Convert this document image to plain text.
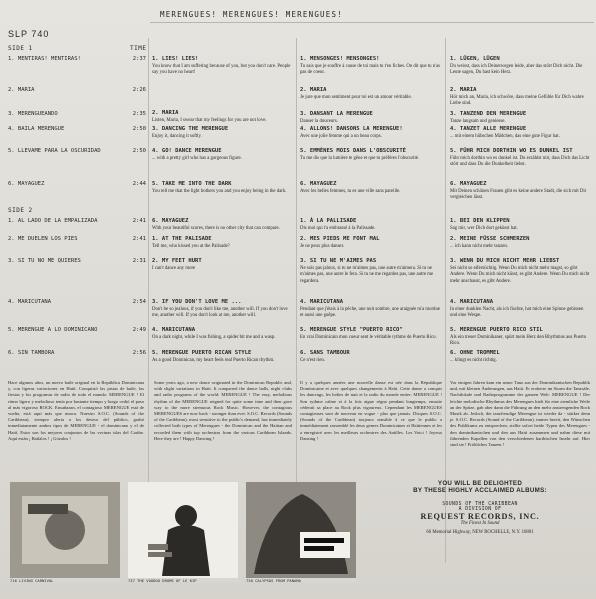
MERENGUES! MERENGUES! MERENGUES!
SLP 740
SIDE 1	TIME
SIDE 2
1. MENTIRAS! MENTIRAS!	2:37
2. MARIA	2:26
3. MERENGUEANDO	2:35
4. BAILA MERENGUE	2:50
5. LLEVAME PARA LA OSCURIDAD	2:50
6. MAYAGUEZ	2:44
1. AL LADO DE LA EMPALIZADA	2:41
2. ME DUELEN LOS PIES	2:41
3. SI TU NO ME QUIERES	2:31
4. MARICUTANA	2:54
5. MERENGUE A LO DOMINICANO	2:49
6. SIN TAMBORA	2:56
1. LIES! LIES!
You know that I am suffering because of you, but you don't care. People say you have no heart!
2. MARIA
Listen, Maria, I swear that my feelings for you are not love.
3. DANCING THE MERENGUE
Enjoy it, dancing it softly.
4. GO! DANCE MERENGUE
... with a pretty girl who has a gorgeous figure.
5. TAKE ME INTO THE DARK
You tell me that the light bothers you and you enjoy being in the dark.
6. MAYAGUEZ
With your beautiful scores, there is no other city that can compare.
1. AT THE PALISADE
Tell me, who kissed you at the Palisade?
2. MY FEET HURT
I can't dance any more
3. IF YOU DON'T LOVE ME ...
Don't be so jealous, if you don't like me, another will. If you don't love me, another will. If you don't look at me, another will.
4. MARICUTANA
On a dark night, while I was fishing, a spider bit me and a wasp.
5. MERENGUE PUERTO RICAN STYLE
As a good Dominican, my heart feels real Puerto Rican rhythm.
1. MENSONGES! MENSONGES!
Tu sais que je souffre à cause de toi mais tu t'en fiches. On dit que tu n'as pas de coeur.
2. MARIA
Je jure que mon sentiment pour toi est un amour véritable.
3. DANSANT LA MERENGUE
Danser la douceurs.
4. ALLONS! DANSONS LA MERENGUE!
Avec une jolie femme qui a un beau corps.
5. EMMÈNES MOIS DANS L'OBSCURITÉ
Tu me dis que la lumière te gêne et que tu préfères l'obscurité.
6. MAYAGUEZ
Avec les belles femmes, tu es une ville sans pareille.
1. À LA PALLISADE
Dis moi qui t'a embrassé à la Palissade.
2. MES PIEDS ME FONT MAL
Je ne peux plus danser.
3. SI TU NE M'AIMES PAS
Ne sois pas jaloux, si tu ne m'aimes pas, une autre m'aimera. Si tu ne m'aimes pas, une autre le fera. Si tu ne me regardes pas, une autre me regardera.
4. MARICUTANA
Pendant que j'étais à la pêche, une nuit sombre, une araignée m'a mordue et aussi une guêpe.
5. MERENGUE STYLE "PUERTO RICO"
En vrai Dominicain mon coeur sent le véritable rythme de Puerto Rico.
6. SANS TAMBOUR
Ce n'est rien.
1. LÜGEN, LÜGEN
Du weisst, dass ich Deinetwegen leide, aber das stört Dich nicht. Die Leute sagen, Du hast kein Herz.
2. MARIA
Hör mich an, Maria, ich schwöre, dass meine Gefühle für Dich wahre Liebe sind.
3. TANZEND DEN MERENGUE
Tanze langsam und geniesse.
4. TANZET ALLE MERENGUE
... mit einem hübschen Mädchen, das eine gute Figur hat.
5. FÜHR MICH DORTHIN WO ES DUNKEL IST
Führ mich dorthin wo es dunkel ist. Du erzählst mir, dass Dich das Licht stört und dass Du die Dunkelheit liebst.
6. MAYAGUEZ
Mit Deinen schönen Frauen gibt es keine andere Stadt, die sich mit Dir vergleichen lässt.
1. BEI DEN KLIPPEN
Sag mir, wer Dich dort geküsst hat.
2. MEINE FÜSSE SCHMERZEN
... ich kann nicht mehr tanzen.
3. WENN DU MICH NICHT MEHR LIEBST
Sei nicht so eifersüchtig. Wenn Du mich nicht mehr magst, so gibt Andere. Wenn Du mich nicht küsst, es gibt Andere. Wenn Du mich nicht mehr anschaust, es gibt Andere.
4. MARICUTANA
In einer dunklen Nacht, als ich fischte, hat mich eine Spinne gebissen und eine Wespe.
5. MERENGUE PUERTO RICO STIL
Als ein treuer Dominikaner, spürt mein Herz den Rhythmus aus Puerto Rico.
6. OHNE TROMMEL
... klingt es nicht richtig.
Hace algunos años, un nuevo baile original en la República Dominicana y, con ligeras variaciones en Haití. Conquistó las pistas de baile, las fiestas y los programas de radio de todo el mundo: MERENGUE ! El ritmo ligero y melodioso tenía por bastante tiempo y luego cedió el paso al más vigoroso ROCK. Ensañazan, el contagioso MERENGUE está de vuelta, está aquí más que nunca. Nuestro S.O.C. (Sounds of the Caribbean), siempre alerta a los deseos del público, grabó inmediatamente ambos tipos de MERENGUE - el dominicano y el de Haití. Estos son los mejores conjuntos de las vecinas islas del Caribe. Aquí están ¡ Bailalos ! ¡ Gózalos !
Some years ago, a new dance originated in the Dominican Republic and, with slight variations in Haiti. It conquered the dance halls, night clubs and radio programs of the world: MERENGUE ! The easy, melodious rhythm of the MERENGUE reigned for quite some time and then gave way to the more strenuous Rock Music. However, the contagious MERENGUES are now back - stronger than ever. S.O.C. Records (Sounds of the Caribbean), most sensitive to the public's demand, has immediately collected both types of Merengues - the Dominican and the Haitian and recorded them with top orchestras from the various Caribbean Islands. Here they are ! Happy Dancing !
Il y a quelques années une nouvelle danse est née dans la République Dominicaine et avec quelques changements à Haïti. Cette danse a conquis les dancings, les boîtes de nuit et la radio du monde entier: MERENGUE ! Son rythme calme et à la fois aigue régna pendant longtemps, ensuite céderait sa place au Rock plus vigoureux. Cependant les MERENGUES contagieuses sont de nouveau en vogue - plus que jamais. Disques S.O.C. (Sounds of the Caribbean) toujours sensible à ce que le public a immédiatement rassemblé les deux genres Dominicaines et Haïtiennes et les a enregistré avec les meilleurs orchestres des Antilles. Les Voici ! Joyeux Dansing !
Vor einigen Jahren kam ein neuer Tanz aus der Dominikanischen Republik und, mit kleinen Änderungen, aus Haiti. Er eroberte im Sturm die Tanzsäle, Nachtlokale und Radioprogramme der ganzen Welt: MERENGUE ! Der leichte melodische Rhythmus des Merengues hielt für eine ziemliche Weile an der Spitze, gab aber dann die Führung an den mehr anstrengenden Rock Musik ab. Jedoch, der tanzfreudige Merengue ist wieder da - stärker denn je. S.O.C. Records (Sound of the Caribbean), immer bereit, den Wünschen des Publikums zu entsprechen, stellte sofort beide Typen des Merengues - den dominikanischen und den aus Haiti zusammen und nahm diese mit führenden Kapellen von den verschiedenen karibischen Inseln auf. Hier sind sie ! Fröhliches Tanzen !
716 LIVING CARNIVAL	737 THE VOODOO DRUMS OF LE KIP	730 CALYPSOS FROM PANAMA
YOU WILL BE DELIGHTED
BY THESE HIGHLY ACCLAIMED ALBUMS:
SOUNDS OF THE CARIBBEAN
A DIVISION OF
REQUEST RECORDS, INC.
The Finest In Sound
66 Memorial Highway, NEW ROCHELLE, N.Y. 10801
